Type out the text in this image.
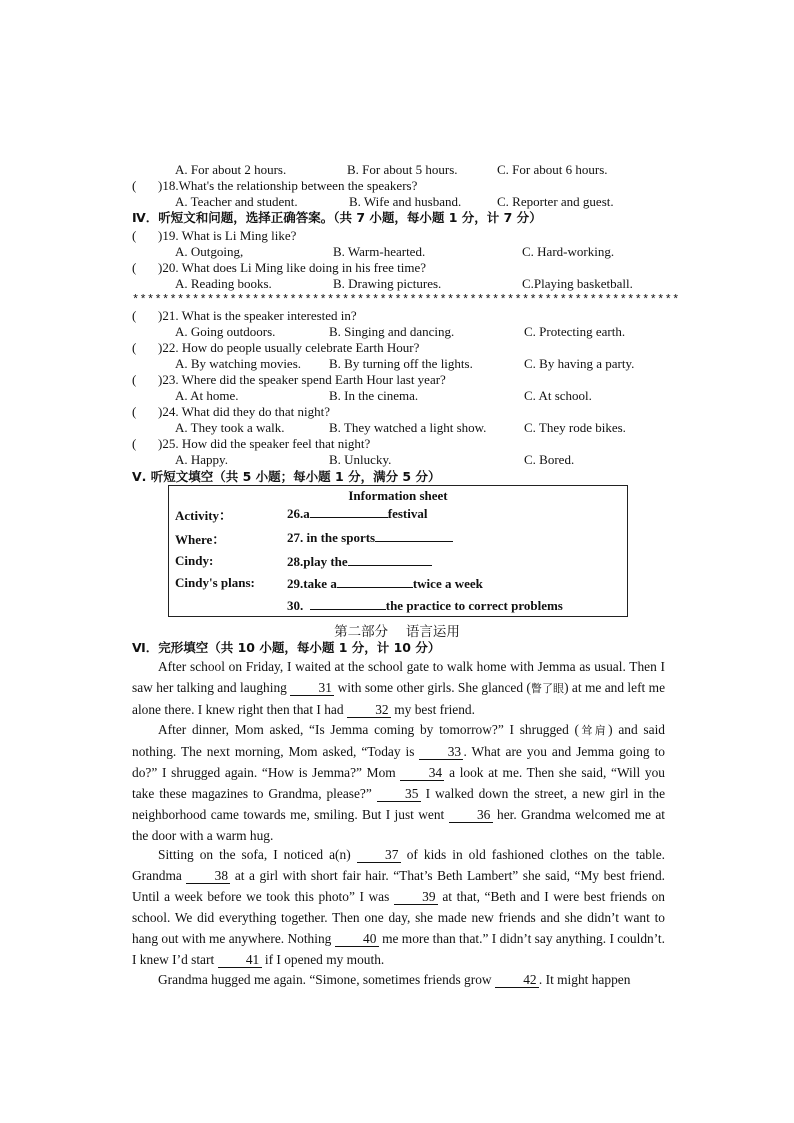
A. For about 2 hours.	B. For about 5 hours.	C. For about 6 hours.
( )18.What's the relationship between the speakers?
A. Teacher and student.	B. Wife and husband.	C. Reporter and guest.
Ⅳ．听短文和问题，选择正确答案。（共 7 小题，每小题 1 分，计 7 分）
( )19. What is Li Ming like?
A. Outgoing,	B. Warm-hearted.	C. Hard-working.
( )20. What does Li Ming like doing in his free time?
A. Reading books.	B. Drawing pictures.	C.Playing basketball.
*************************************************************************
( )21. What is the speaker interested in?
A. Going outdoors.	B. Singing and dancing.	C. Protecting earth.
( )22. How do people usually celebrate Earth Hour?
A. By watching movies. B. By turning off the lights.	C. By having a party.
( )23. Where did the speaker spend Earth Hour last year?
A. At home.	B. In the cinema.	C. At school.
( )24. What did they do that night?
A. They took a walk.	B. They watched a light show.	C. They rode bikes.
( )25. How did the speaker feel that night?
A. Happy.	B. Unlucky.	C. Bored.
Ⅴ. 听短文填空（共 5 小题；每小题 1 分，满分 5 分）
Information sheet
Activity：	26.a	festival
Where：	27. in the sports
Cindy:	28.play the
Cindy's plans: 29.take a	twice a week
30.	the practice to correct problems
第二部分　 语言运用
Ⅵ．完形填空（共 10 小题，每小题 1 分，计 10 分）
After school on Friday, I waited at the school gate to walk home with Jemma as usual. Then I saw her talking and laughing 31 with some other girls. She glanced (瞥了眼) at me and left me alone there. I knew right then that I had 32 my best friend.
After dinner, Mom asked, “Is Jemma coming by tomorrow?” I shrugged (耸肩) and said nothing. The next morning, Mom asked, “Today is 33 . What are you and Jemma going to do?” I shrugged again. “How is Jemma?” Mom 34 a look at me. Then she said, “Will you take these magazines to Grandma, please?” 35 I walked down the street, a new girl in the neighborhood came towards me, smiling. But I just went 36 her. Grandma welcomed me at the door with a warm hug.
Sitting on the sofa, I noticed a(n) 37 of kids in old fashioned clothes on the table. Grandma 38 at a girl with short fair hair. “That’s Beth Lambert” she said, “My best friend. Until a week before we took this photo” I was 39 at that, “Beth and I were best friends on school. We did everything together. Then one day, she made new friends and she didn’t want to hang out with me anywhere. Nothing 40 me more than that.” I didn’t say anything. I couldn’t. I knew I’d start 41 if I opened my mouth.
Grandma hugged me again. “Simone, sometimes friends grow 42 . It might happen
